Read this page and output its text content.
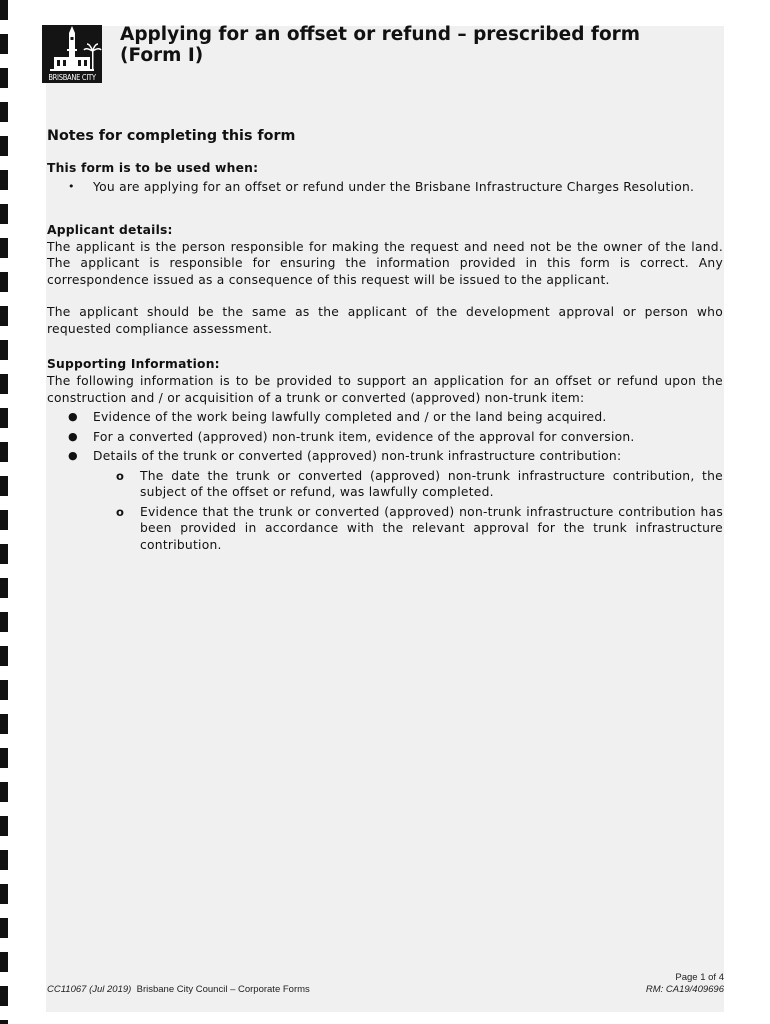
BRISBANE CITY
Applying for an offset or refund – prescribed form (Form I)
Notes for completing this form
This form is to be used when:
• You are applying for an offset or refund under the Brisbane Infrastructure Charges Resolution.
Applicant details:

The applicant is the person responsible for making the request and need not be the owner of the land. The applicant is responsible for ensuring the information provided in this form is correct. Any correspondence issued as a consequence of this request will be issued to the applicant.

The applicant should be the same as the applicant of the development approval or person who requested compliance assessment.

Supporting Information:

The following information is to be provided to support an application for an offset or refund upon the construction and / or acquisition of a trunk or converted (approved) non-trunk item:

● Evidence of the work being lawfully completed and / or the land being acquired.
● For a converted (approved) non-trunk item, evidence of the approval for conversion.
● Details of the trunk or converted (approved) non-trunk infrastructure contribution:
o The date the trunk or converted (approved) non-trunk infrastructure contribution, the subject of the offset or refund, was lawfully completed.
o Evidence that the trunk or converted (approved) non-trunk infrastructure contribution has been provided in accordance with the relevant approval for the trunk infrastructure contribution.
CC11067 (Jul 2019) Brisbane City Council – Corporate Forms
Page 1 of 4
RM: CA19/409696
